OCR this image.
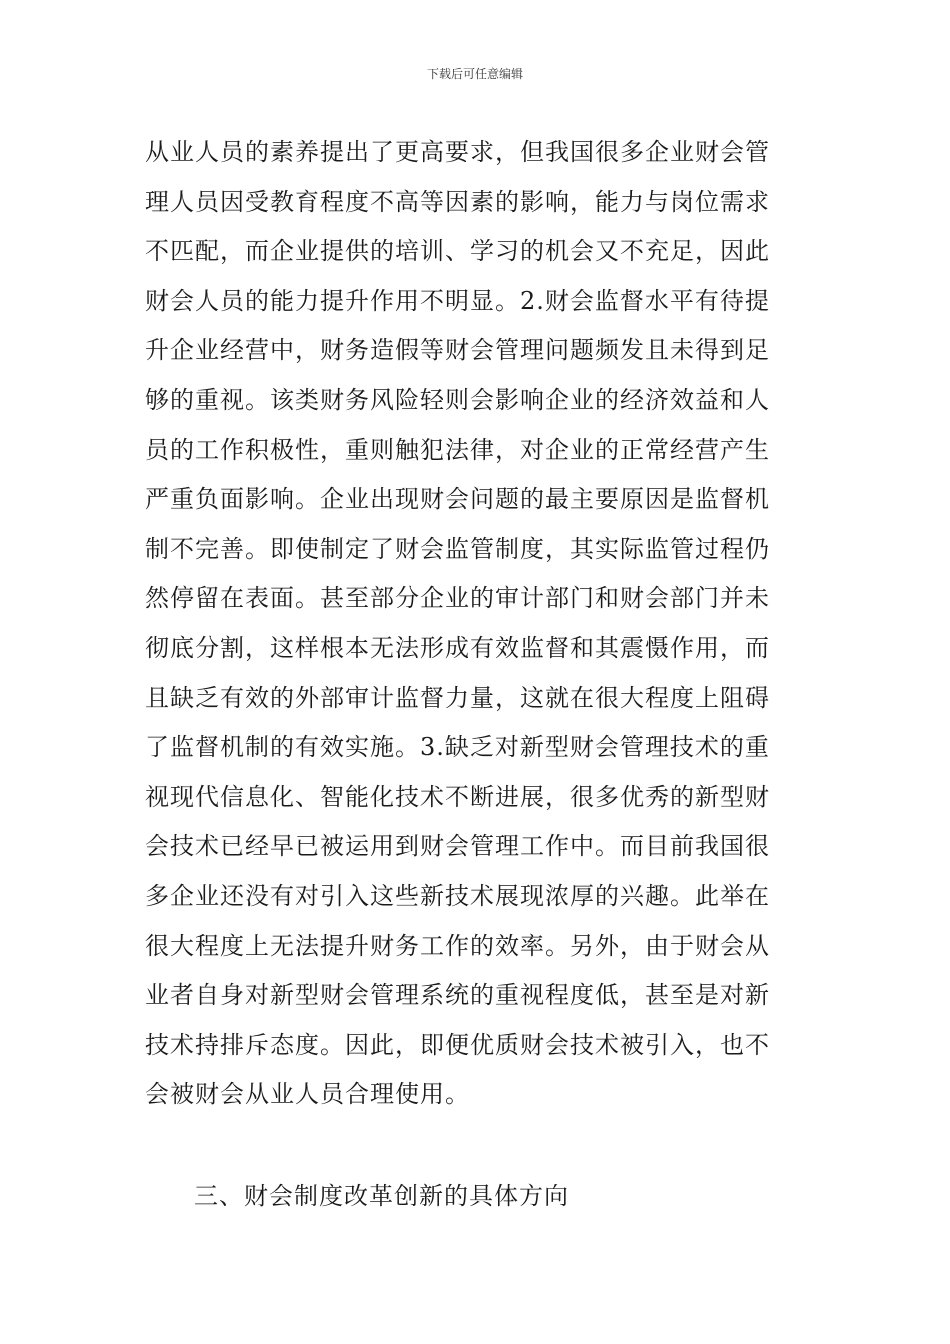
下载后可任意编辑
从业人员的素养提出了更高要求，但我国很多企业财会管
理人员因受教育程度不高等因素的影响，能力与岗位需求
不匹配，而企业提供的培训、学习的机会又不充足，因此
财会人员的能力提升作用不明显。2.财会监督水平有待提
升企业经营中，财务造假等财会管理问题频发且未得到足
够的重视。该类财务风险轻则会影响企业的经济效益和人
员的工作积极性，重则触犯法律，对企业的正常经营产生
严重负面影响。企业出现财会问题的最主要原因是监督机
制不完善。即使制定了财会监管制度，其实际监管过程仍
然停留在表面。甚至部分企业的审计部门和财会部门并未
彻底分割，这样根本无法形成有效监督和其震慑作用，而
且缺乏有效的外部审计监督力量，这就在很大程度上阻碍
了监督机制的有效实施。3.缺乏对新型财会管理技术的重
视现代信息化、智能化技术不断进展，很多优秀的新型财
会技术已经早已被运用到财会管理工作中。而目前我国很
多企业还没有对引入这些新技术展现浓厚的兴趣。此举在
很大程度上无法提升财务工作的效率。另外，由于财会从
业者自身对新型财会管理系统的重视程度低，甚至是对新
技术持排斥态度。因此，即便优质财会技术被引入，也不
会被财会从业人员合理使用。
三、财会制度改革创新的具体方向
